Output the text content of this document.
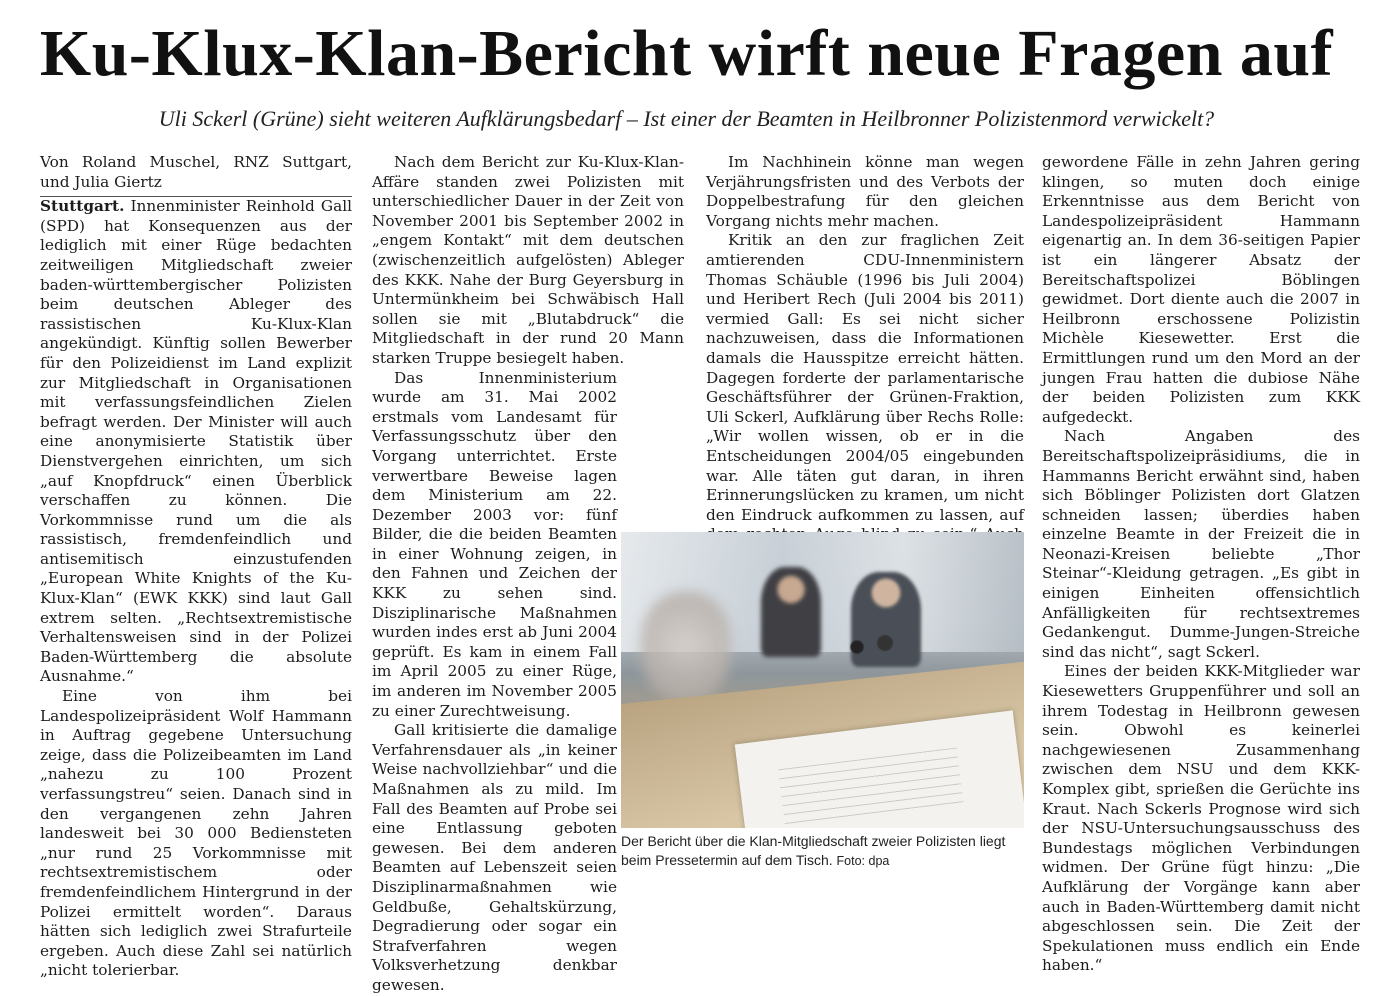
Ku-Klux-Klan-Bericht wirft neue Fragen auf
Uli Sckerl (Grüne) sieht weiteren Aufklärungsbedarf – Ist einer der Beamten in Heilbronner Polizistenmord verwickelt?

Von Roland Muschel, RNZ Suttgart, und Julia Giertz

Stuttgart. Innenminister Reinhold Gall (SPD) hat Konsequenzen aus der lediglich mit einer Rüge bedachten zeitweiligen Mitgliedschaft zweier baden-württembergischer Polizisten beim deutschen Ableger des rassistischen Ku-Klux-Klan angekündigt. Künftig sollen Bewerber für den Polizeidienst im Land explizit zur Mitgliedschaft in Organisationen mit verfassungsfeindlichen Zielen befragt werden. Der Minister will auch eine anonymisierte Statistik über Dienstvergehen einrichten, um sich „auf Knopfdruck“ einen Überblick verschaffen zu können. Die Vorkommnisse rund um die als rassistisch, fremdenfeindlich und antisemitisch einzustufenden „European White Knights of the Ku-Klux-Klan“ (EWK KKK) sind laut Gall extrem selten. „Rechtsextremistische Verhaltensweisen sind in der Polizei Baden-Württemberg die absolute Ausnahme.“

Eine von ihm bei Landespolizeipräsident Wolf Hammann in Auftrag gegebene Untersuchung zeige, dass die Polizeibeamten im Land „nahezu zu 100 Prozent verfassungstreu“ seien. Danach sind in den vergangenen zehn Jahren landesweit bei 30 000 Bediensteten „nur rund 25 Vorkommnisse mit rechtsextremistischem oder fremdenfeindlichem Hintergrund in der Polizei ermittelt worden“. Daraus hätten sich lediglich zwei Strafurteile ergeben. Auch diese Zahl sei natürlich „nicht tolerierbar.

Nach dem Bericht zur Ku-Klux-Klan-Affäre standen zwei Polizisten mit unterschiedlicher Dauer in der Zeit von November 2001 bis September 2002 in „engem Kontakt“ mit dem deutschen (zwischenzeitlich aufgelösten) Ableger des KKK. Nahe der Burg Geyersburg in Untermünkheim bei Schwäbisch Hall sollen sie mit „Blutabdruck“ die Mitgliedschaft in der rund 20 Mann starken Truppe besiegelt haben.

Das Innenministerium wurde am 31. Mai 2002 erstmals vom Landesamt für Verfassungsschutz über den Vorgang unterrichtet. Erste verwertbare Beweise lagen dem Ministerium am 22. Dezember 2003 vor: fünf Bilder, die die beiden Beamten in einer Wohnung zeigen, in den Fahnen und Zeichen der KKK zu sehen sind. Disziplinarische Maßnahmen wurden indes erst ab Juni 2004 geprüft. Es kam in einem Fall im April 2005 zu einer Rüge, im anderen im November 2005 zu einer Zurechtweisung.

Gall kritisierte die damalige Verfahrensdauer als „in keiner Weise nachvollziehbar“ und die Maßnahmen als zu mild. Im Fall des Beamten auf Probe sei eine Entlassung geboten gewesen. Bei dem anderen Beamten auf Lebenszeit seien Disziplinarmaßnahmen wie Geldbuße, Gehaltskürzung, Degradierung oder sogar ein Strafverfahren wegen Volksverhetzung denkbar gewesen.

Im Nachhinein könne man wegen Verjährungsfristen und des Verbots der Doppelbestrafung für den gleichen Vorgang nichts mehr machen.

Kritik an den zur fraglichen Zeit amtierenden CDU-Innenministern Thomas Schäuble (1996 bis Juli 2004) und Heribert Rech (Juli 2004 bis 2011) vermied Gall: Es sei nicht sicher nachzuweisen, dass die Informationen damals die Hausspitze erreicht hätten. Dagegen forderte der parlamentarische Geschäftsführer der Grünen-Fraktion, Uli Sckerl, Aufklärung über Rechs Rolle: „Wir wollen wissen, ob er in die Entscheidungen 2004/05 eingebunden war. Alle täten gut daran, in ihren Erinnerungslücken zu kramen, um nicht den Eindruck aufkommen zu lassen, auf

gewordene Fälle in zehn Jahren gering klingen, so muten doch einige Erkenntnisse aus dem Bericht von Landespolizeipräsident Hammann eigenartig an. In dem 36-seitigen Papier ist ein längerer Absatz der Bereitschaftspolizei Böblingen gewidmet. Dort diente auch die 2007 in Heilbronn erschossene Polizistin Michèle Kiesewetter. Erst die Ermittlungen rund um den Mord an der jungen Frau hatten die dubiose Nähe der beiden Polizisten zum KKK aufgedeckt.

Nach Angaben des Bereitschaftspolizeipräsidiums, die in Hammanns Bericht erwähnt sind, haben sich Böblinger Polizisten dort Glatzen schneiden lassen; überdies haben einzelne Beamte in der Freizeit die in Neonazi-Kreisen beliebte „Thor Steinar“-Kleidung getragen. „Es gibt in einigen Einheiten offensichtlich Anfälligkeiten für rechtsextremes Gedankengut. Dumme-Jungen-Streiche sind das nicht“, sagt Sckerl.

Eines der beiden KKK-Mitglieder war Kiesewetters Gruppenführer und soll an ihrem Todestag in Heilbronn gewesen sein. Obwohl es keinerlei nachgewiesenen Zusammenhang zwischen dem NSU und dem KKK-Komplex gibt, sprießen die Gerüchte ins Kraut. Nach Sckerls Prognose wird sich der NSU-Untersuchungsausschuss des Bundestags möglichen Verbindungen widmen. Der Grüne fügt hinzu: „Die Aufklärung der Vorgänge kann aber auch in Baden-Württemberg damit nicht abgeschlossen sein. Die Zeit der Spekulationen muss endlich ein Ende haben.“

Der Bericht über die Klan-Mitgliedschaft zweier Polizisten liegt beim Pressetermin auf dem Tisch. Foto: dpa
